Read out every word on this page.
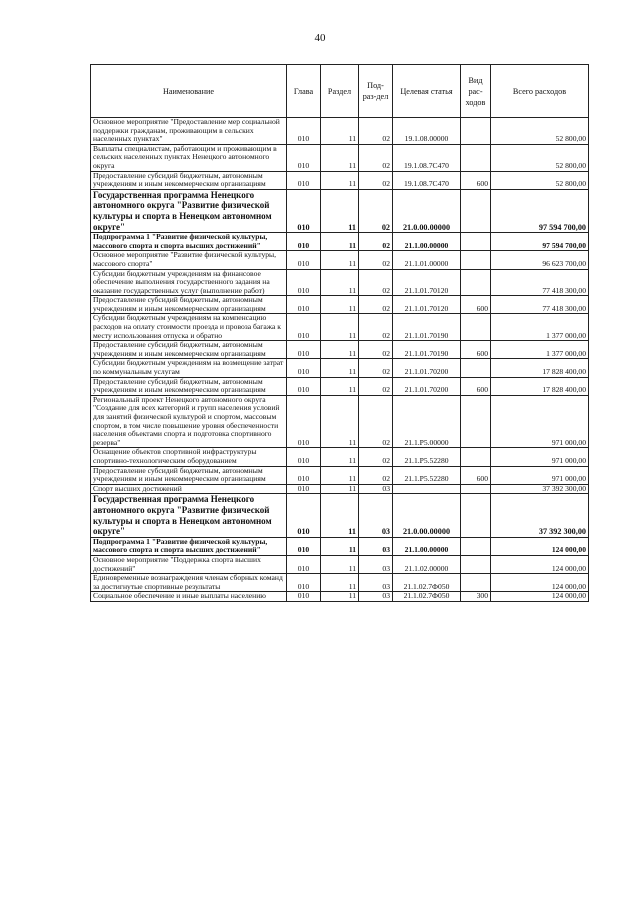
40
Наименование	Глава	Раздел	Под-раз-дел	Целевая статья	Вид рас-ходов	Всего расходов
Основное мероприятие "Предоставление мер социальной поддержки гражданам, проживающим в сельских населенных пунктах"	010	11	02	19.1.08.00000		52 800,00
Выплаты специалистам, работающим и проживающим в сельских населенных пунктах Ненецкого автономного округа	010	11	02	19.1.08.7С470		52 800,00
Предоставление субсидий бюджетным, автономным учреждениям и иным некоммерческим организациям	010	11	02	19.1.08.7С470	600	52 800,00
Государственная программа Ненецкого автономного округа "Развитие физической культуры и спорта в Ненецком автономном округе"	010	11	02	21.0.00.00000		97 594 700,00
Подпрограмма 1 "Развитие физической культуры, массового спорта и спорта высших достижений"	010	11	02	21.1.00.00000		97 594 700,00
Основное мероприятие "Развитие физической культуры, массового спорта"	010	11	02	21.1.01.00000		96 623 700,00
Субсидии бюджетным учреждениям на финансовое обеспечение выполнения государственного задания на оказание государственных услуг (выполнение работ)	010	11	02	21.1.01.70120		77 418 300,00
Предоставление субсидий бюджетным, автономным учреждениям и иным некоммерческим организациям	010	11	02	21.1.01.70120	600	77 418 300,00
Субсидии бюджетным учреждениям на компенсацию расходов на оплату стоимости проезда и провоза багажа к месту использования отпуска и обратно	010	11	02	21.1.01.70190		1 377 000,00
Предоставление субсидий бюджетным, автономным учреждениям и иным некоммерческим организациям	010	11	02	21.1.01.70190	600	1 377 000,00
Субсидии бюджетным учреждениям на возмещение затрат по коммунальным услугам	010	11	02	21.1.01.70200		17 828 400,00
Предоставление субсидий бюджетным, автономным учреждениям и иным некоммерческим организациям	010	11	02	21.1.01.70200	600	17 828 400,00
Региональный проект Ненецкого автономного округа "Создание для всех категорий и групп населения условий для занятий физической культурой и спортом, массовым спортом, в том числе повышение уровня обеспеченности населения объектами спорта и подготовка спортивного резерва"	010	11	02	21.1.Р5.00000		971 000,00
Оснащение объектов спортивной инфраструктуры спортивно-технологическим оборудованием	010	11	02	21.1.Р5.52280		971 000,00
Предоставление субсидий бюджетным, автономным учреждениям и иным некоммерческим организациям	010	11	02	21.1.Р5.52280	600	971 000,00
Спорт высших достижений	010	11	03			37 392 300,00
Государственная программа Ненецкого автономного округа "Развитие физической культуры и спорта в Ненецком автономном округе"	010	11	03	21.0.00.00000		37 392 300,00
Подпрограмма 1 "Развитие физической культуры, массового спорта и спорта высших достижений"	010	11	03	21.1.00.00000		124 000,00
Основное мероприятие "Поддержка спорта высших достижений"	010	11	03	21.1.02.00000		124 000,00
Единовременные вознаграждения членам сборных команд за достигнутые спортивные результаты	010	11	03	21.1.02.7Ф050		124 000,00
Социальное обеспечение и иные выплаты населению	010	11	03	21.1.02.7Ф050	300	124 000,00
